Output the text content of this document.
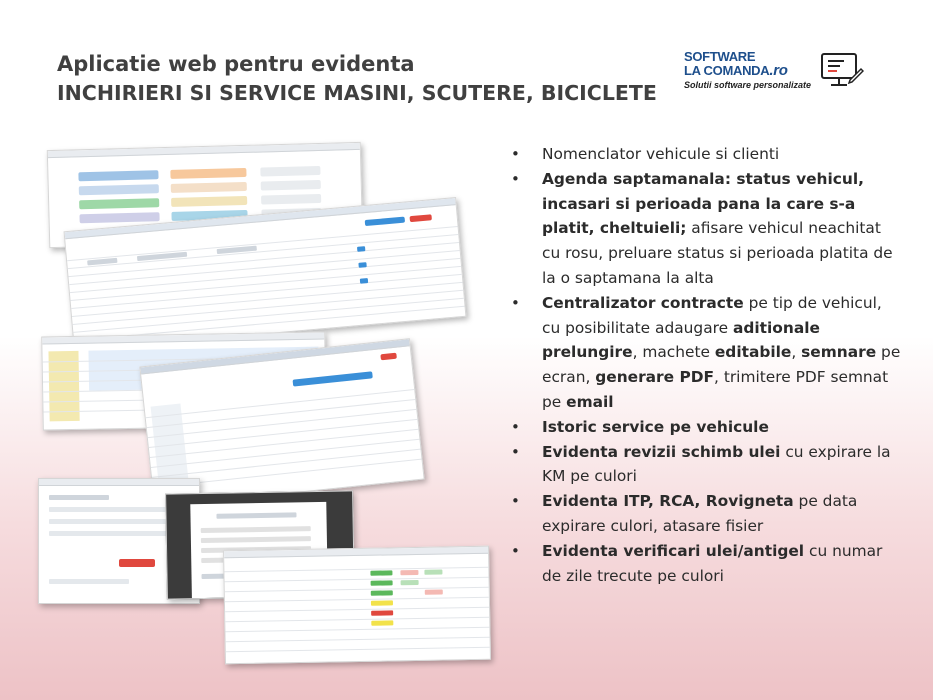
Aplicatie web pentru evidenta

INCHIRIERI SI SERVICE MASINI, SCUTERE, BICICLETE
SOFTWARE
LA COMANDA.ro
Solutii software personalizate
• Nomenclator vehicule si clienti
• Agenda saptamanala: status vehicul, incasari si perioada pana la care s-a platit, cheltuieli; afisare vehicul neachitat cu rosu, preluare status si perioada platita de la o saptamana la alta
• Centralizator contracte pe tip de vehicul, cu posibilitate adaugare aditionale prelungire, machete editabile, semnare pe ecran, generare PDF, trimitere PDF semnat pe email
• Istoric service pe vehicule
• Evidenta revizii schimb ulei cu expirare la KM pe culori
• Evidenta ITP, RCA, Rovigneta pe data expirare culori, atasare fisier
• Evidenta verificari ulei/antigel cu numar de zile trecute pe culori
